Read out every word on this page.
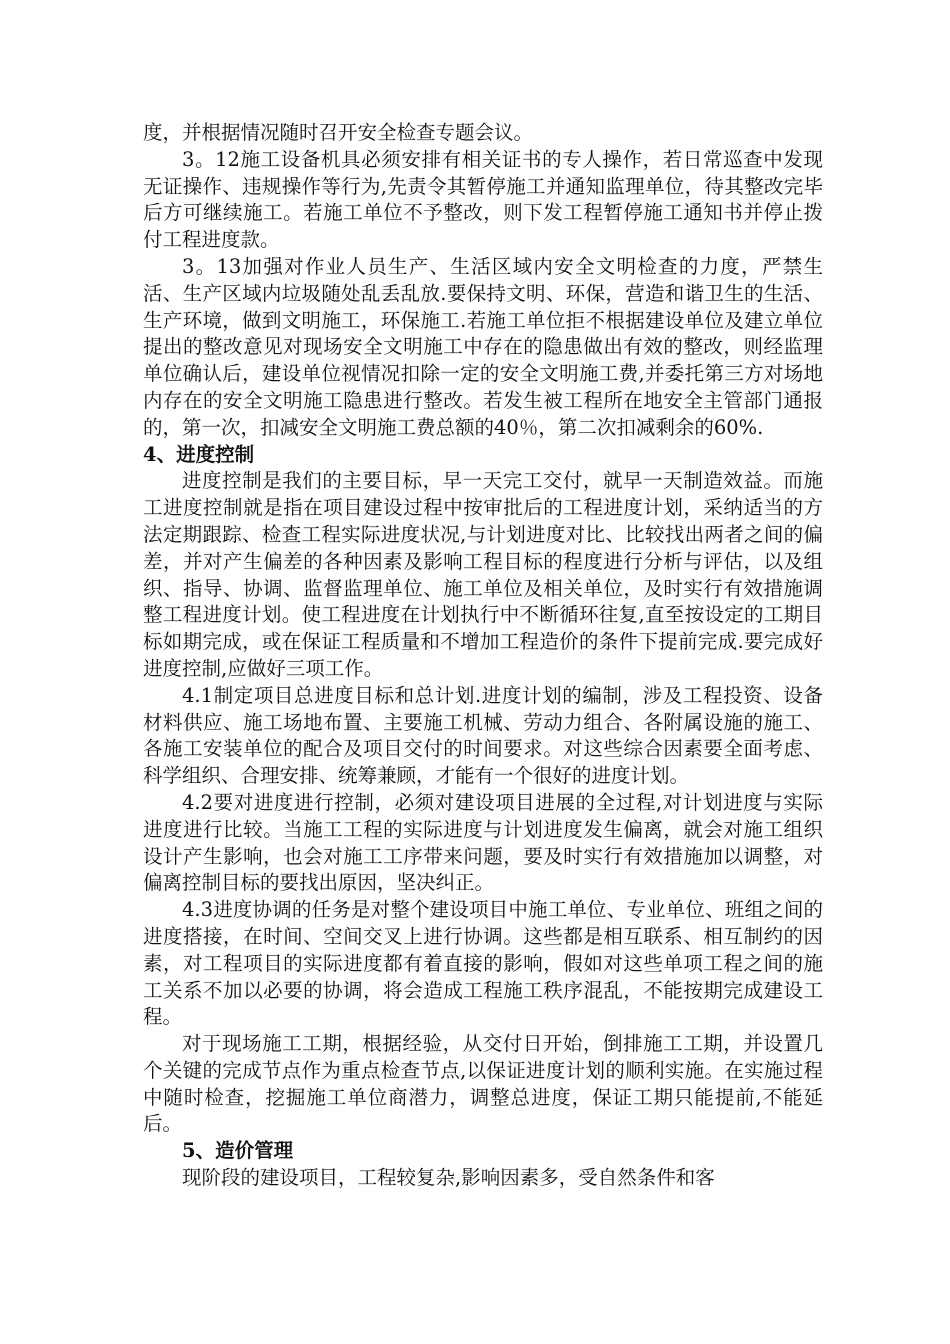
度，并根据情况随时召开安全检查专题会议。

3。12施工设备机具必须安排有相关证书的专人操作，若日常巡查中发现无证操作、违规操作等行为,先责令其暂停施工并通知监理单位，待其整改完毕后方可继续施工。若施工单位不予整改，则下发工程暂停施工通知书并停止拨付工程进度款。

3。13加强对作业人员生产、生活区域内安全文明检查的力度，严禁生活、生产区域内垃圾随处乱丢乱放.要保持文明、环保，营造和谐卫生的生活、生产环境，做到文明施工，环保施工.若施工单位拒不根据建设单位及建立单位提出的整改意见对现场安全文明施工中存在的隐患做出有效的整改，则经监理单位确认后，建设单位视情况扣除一定的安全文明施工费,并委托第三方对场地内存在的安全文明施工隐患进行整改。若发生被工程所在地安全主管部门通报的，第一次，扣减安全文明施工费总额的40％，第二次扣减剩余的60%.

4、进度控制

进度控制是我们的主要目标，早一天完工交付，就早一天制造效益。而施工进度控制就是指在项目建设过程中按审批后的工程进度计划，采纳适当的方法定期跟踪、检查工程实际进度状况,与计划进度对比、比较找出两者之间的偏差，并对产生偏差的各种因素及影响工程目标的程度进行分析与评估，以及组织、指导、协调、监督监理单位、施工单位及相关单位，及时实行有效措施调整工程进度计划。使工程进度在计划执行中不断循环往复,直至按设定的工期目标如期完成，或在保证工程质量和不增加工程造价的条件下提前完成.要完成好进度控制,应做好三项工作。

4.1制定项目总进度目标和总计划.进度计划的编制，涉及工程投资、设备材料供应、施工场地布置、主要施工机械、劳动力组合、各附属设施的施工、各施工安装单位的配合及项目交付的时间要求。对这些综合因素要全面考虑、科学组织、合理安排、统筹兼顾，才能有一个很好的进度计划。

4.2要对进度进行控制，必须对建设项目进展的全过程,对计划进度与实际进度进行比较。当施工工程的实际进度与计划进度发生偏离，就会对施工组织设计产生影响，也会对施工工序带来问题，要及时实行有效措施加以调整，对偏离控制目标的要找出原因，坚决纠正。

4.3进度协调的任务是对整个建设项目中施工单位、专业单位、班组之间的进度搭接，在时间、空间交叉上进行协调。这些都是相互联系、相互制约的因素，对工程项目的实际进度都有着直接的影响，假如对这些单项工程之间的施工关系不加以必要的协调，将会造成工程施工秩序混乱，不能按期完成建设工程。

对于现场施工工期，根据经验，从交付日开始，倒排施工工期，并设置几个关键的完成节点作为重点检查节点,以保证进度计划的顺利实施。在实施过程中随时检查，挖掘施工单位商潜力，调整总进度，保证工期只能提前,不能延后。

5、造价管理

现阶段的建设项目，工程较复杂,影响因素多，受自然条件和客
